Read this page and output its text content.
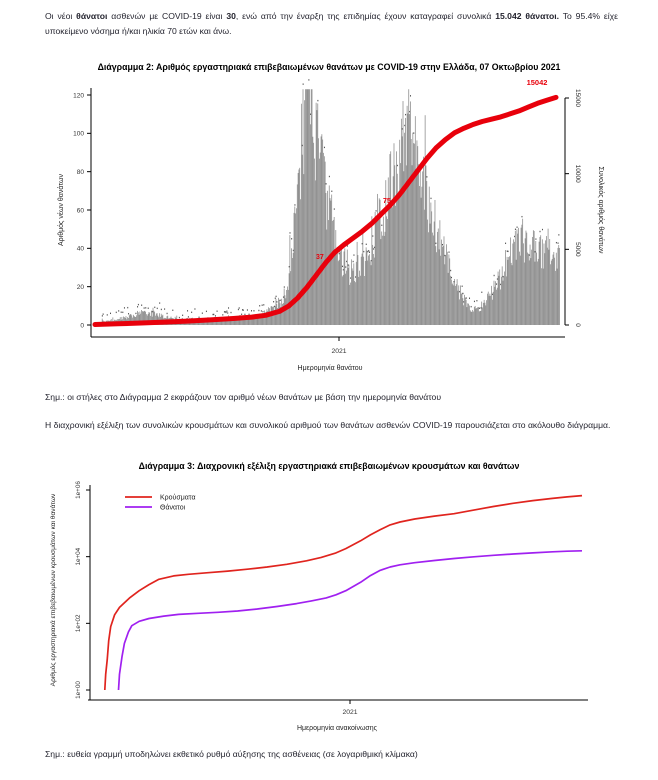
Οι νέοι θάνατοι ασθενών με COVID-19 είναι 30, ενώ από την έναρξη της επιδημίας έχουν καταγραφεί συνολικά 15.042 θάνατοι. Το 95.4% είχε υποκείμενο νόσημα ή/και ηλικία 70 ετών και άνω.

Διάγραμμα 2: Αριθμός εργαστηριακά επιβεβαιωμένων θανάτων με COVID-19 στην Ελλάδα, 07 Οκτωβρίου 2021
0
20
40
60
80
100
120
0
5000
10000
15000
Αριθμός νέων θανάτων	Συνολικός αριθμός θανάτων
2021
Ημερομηνία θανάτου
37
75
15042

Σημ.: οι στήλες στο Διάγραμμα 2 εκφράζουν τον αριθμό νέων θανάτων με βάση την ημερομηνία θανάτου

Η διαχρονική εξέλιξη των συνολικών κρουσμάτων και συνολικού αριθμού των θανάτων ασθενών COVID-19 παρουσιάζεται στο ακόλουθο διάγραμμα.

Διάγραμμα 3: Διαχρονική εξέλιξη εργαστηριακά επιβεβαιωμένων κρουσμάτων και θανάτων
1e+00
1e+02
1e+04
1e+06
Αριθμός εργαστηριακά επιβεβαιωμένων κρουσμάτων και θανάτων
2021
Ημερομηνία ανακοίνωσης
Κρούσματα
Θάνατοι

Σημ.: ευθεία γραμμή υποδηλώνει εκθετικό ρυθμό αύξησης της ασθένειας (σε λογαριθμική κλίμακα)
